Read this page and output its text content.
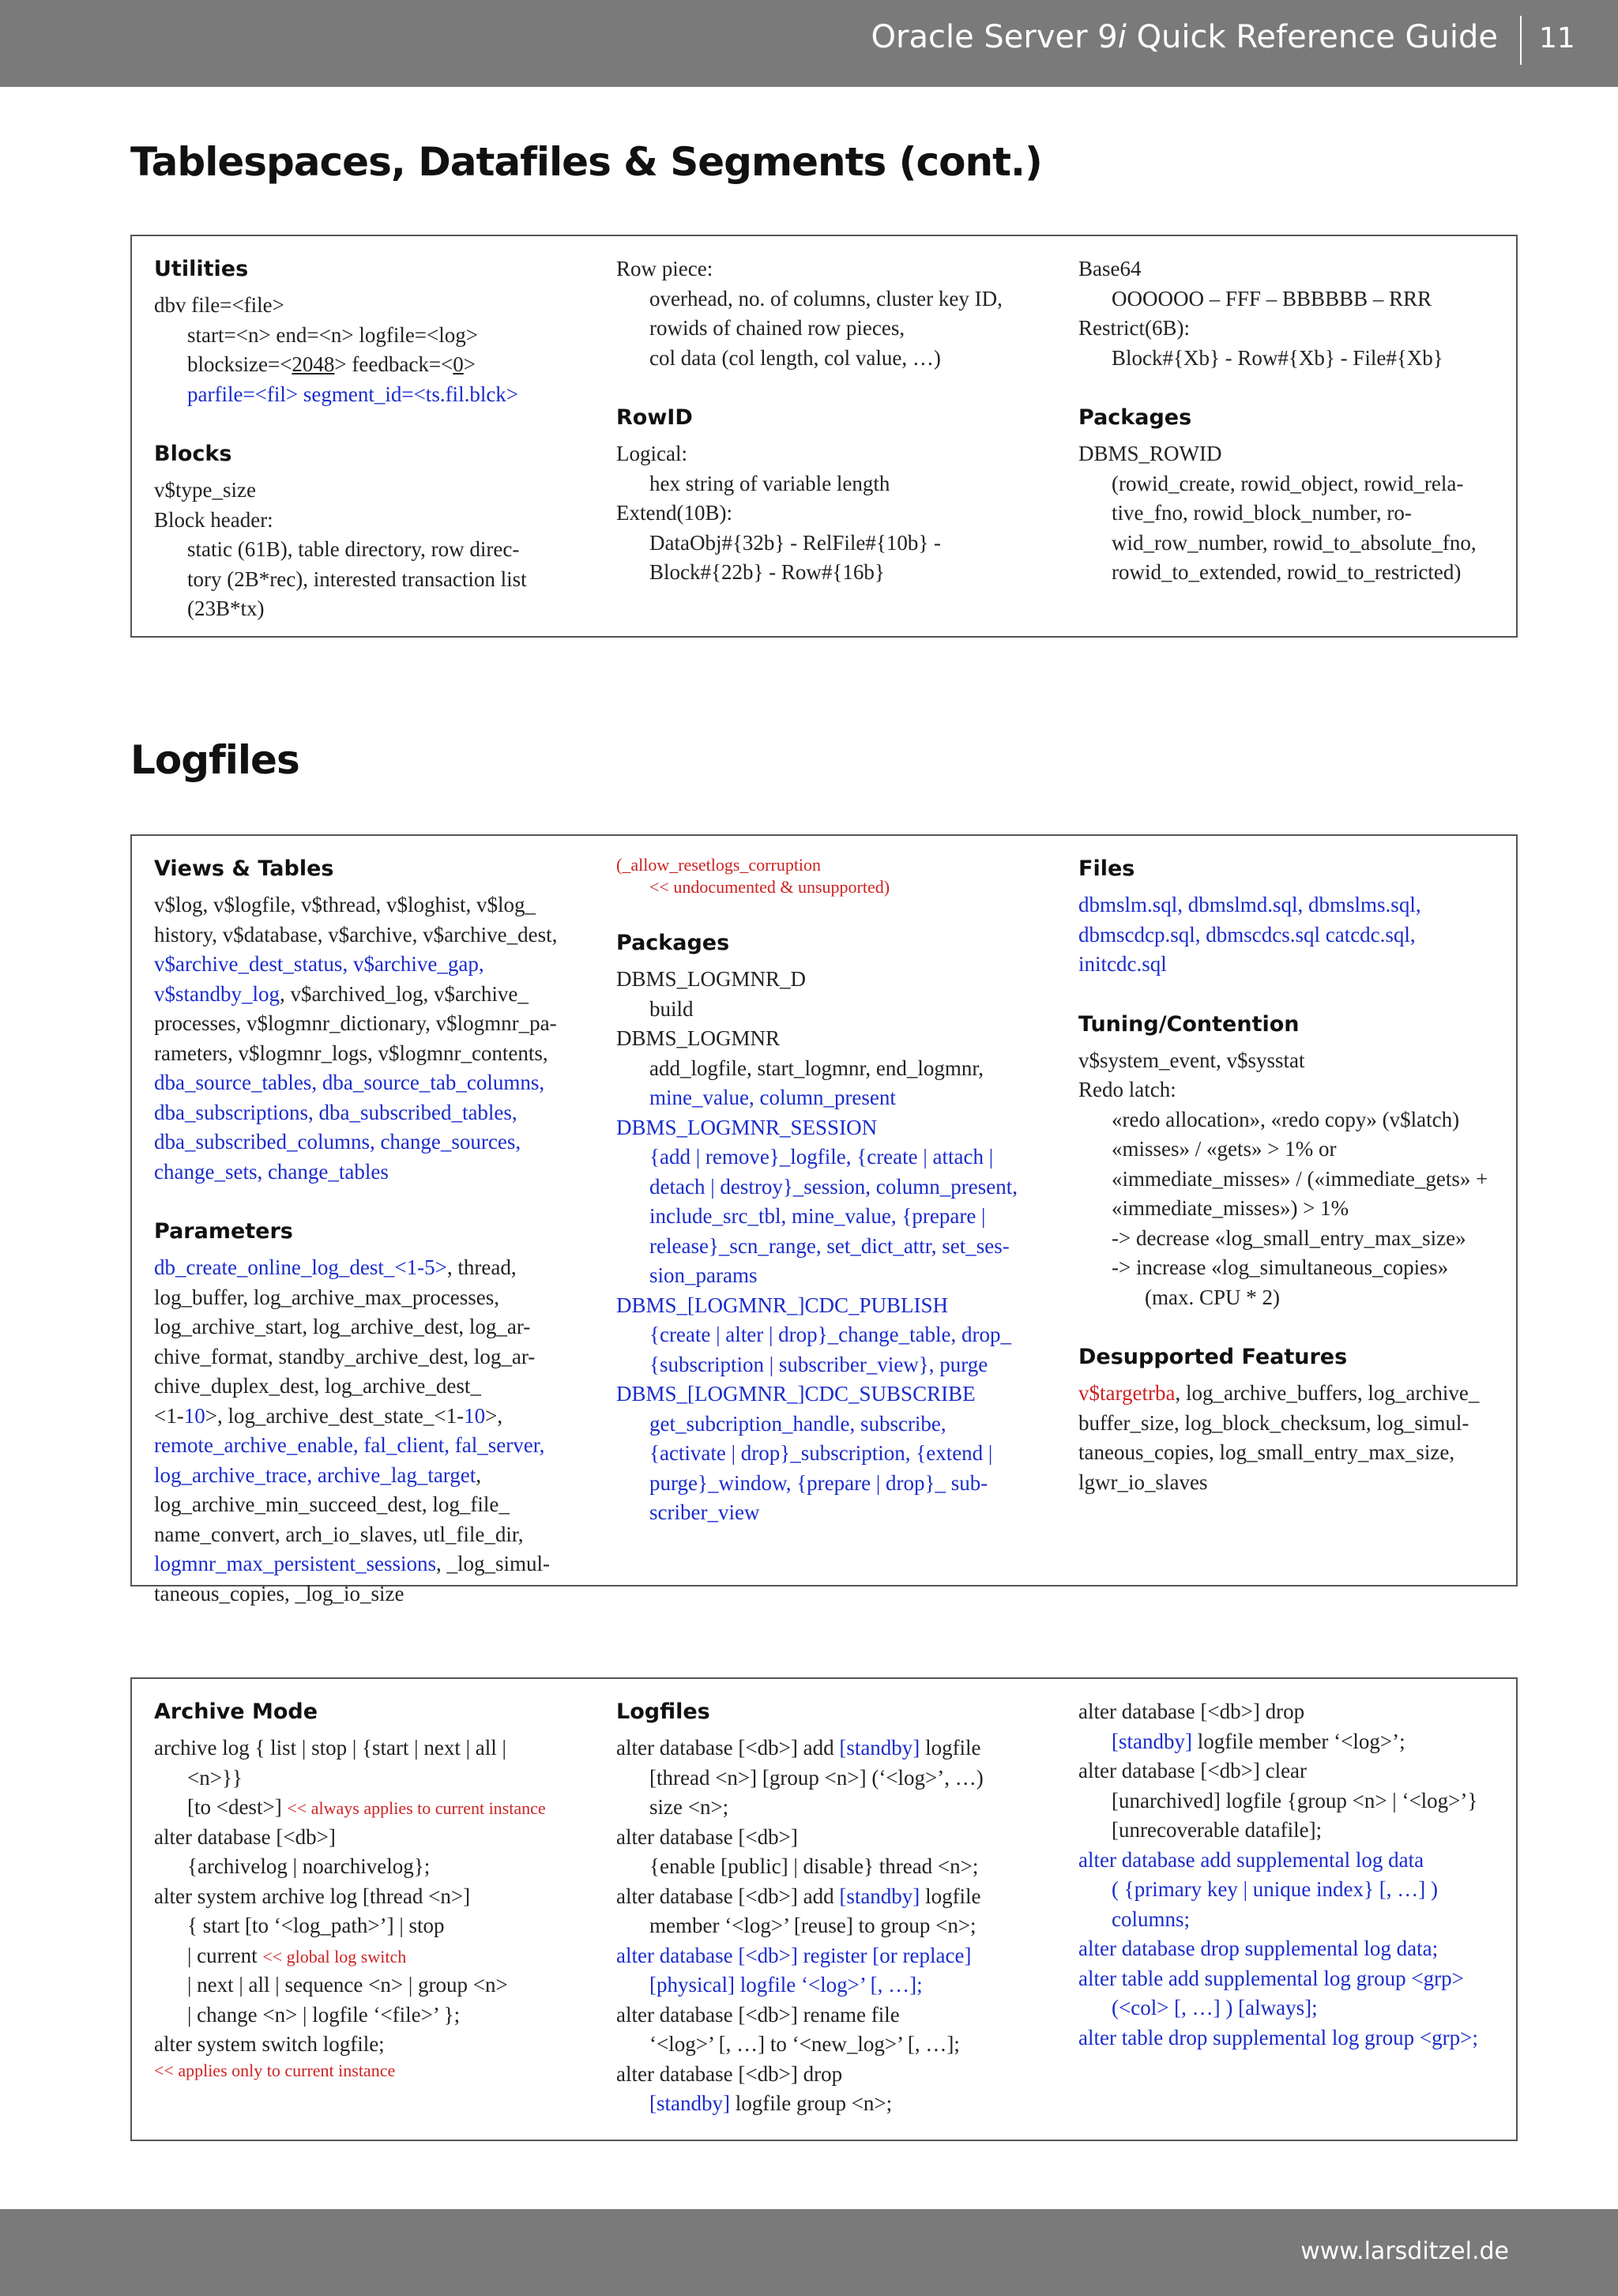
Oracle Server 9i Quick Reference Guide 11
Tablespaces, Datafiles & Segments (cont.)
Utilities
dbv file=<file>
start=<n> end=<n> logfile=<log>
blocksize=<2048> feedback=<0>
parfile=<fil> segment_id=<ts.fil.blck>
Blocks
v$type_size
Block header:
static (61B), table directory, row direc-
tory (2B*rec), interested transaction list
(23B*tx)
Row piece:
overhead, no. of columns, cluster key ID,
rowids of chained row pieces,
col data (col length, col value, …)
RowID
Logical:
hex string of variable length
Extend(10B):
DataObj#{32b} - RelFile#{10b} -
Block#{22b} - Row#{16b}
Base64
OOOOOO – FFF – BBBBBB – RRR
Restrict(6B):
Block#{Xb} - Row#{Xb} - File#{Xb}
Packages
DBMS_ROWID
(rowid_create, rowid_object, rowid_rela-
tive_fno, rowid_block_number, ro-
wid_row_number, rowid_to_absolute_fno,
rowid_to_extended, rowid_to_restricted)
Logfiles
Views & Tables
v$log, v$logfile, v$thread, v$loghist, v$log_
history, v$database, v$archive, v$archive_dest,
v$archive_dest_status, v$archive_gap,
v$standby_log, v$archived_log, v$archive_
processes, v$logmnr_dictionary, v$logmnr_pa-
rameters, v$logmnr_logs, v$logmnr_contents,
dba_source_tables, dba_source_tab_columns,
dba_subscriptions, dba_subscribed_tables,
dba_subscribed_columns, change_sources,
change_sets, change_tables
Parameters
db_create_online_log_dest_<1-5>, thread,
log_buffer, log_archive_max_processes,
log_archive_start, log_archive_dest, log_ar-
chive_format, standby_archive_dest, log_ar-
chive_duplex_dest, log_archive_dest_
<1-10>, log_archive_dest_state_<1-10>,
remote_archive_enable, fal_client, fal_server,
log_archive_trace, archive_lag_target,
log_archive_min_succeed_dest, log_file_
name_convert, arch_io_slaves, utl_file_dir,
logmnr_max_persistent_sessions, _log_simul-
taneous_copies, _log_io_size
(_allow_resetlogs_corruption
<< undocumented & unsupported)
Packages
DBMS_LOGMNR_D
build
DBMS_LOGMNR
add_logfile, start_logmnr, end_logmnr,
mine_value, column_present
DBMS_LOGMNR_SESSION
{add | remove}_logfile, {create | attach |
detach | destroy}_session, column_present,
include_src_tbl, mine_value, {prepare |
release}_scn_range, set_dict_attr, set_ses-
sion_params
DBMS_[LOGMNR_]CDC_PUBLISH
{create | alter | drop}_change_table, drop_
{subscription | subscriber_view}, purge
DBMS_[LOGMNR_]CDC_SUBSCRIBE
get_subcription_handle, subscribe,
{activate | drop}_subscription, {extend |
purge}_window, {prepare | drop}_ sub-
scriber_view
Files
dbmslm.sql, dbmslmd.sql, dbmslms.sql,
dbmscdcp.sql, dbmscdcs.sql catcdc.sql,
initcdc.sql
Tuning/Contention
v$system_event, v$sysstat
Redo latch:
«redo allocation», «redo copy» (v$latch)
«misses» / «gets» > 1% or
«immediate_misses» / («immediate_gets» +
«immediate_misses») > 1%
-> decrease «log_small_entry_max_size»
-> increase «log_simultaneous_copies»
(max. CPU * 2)
Desupported Features
v$targetrba, log_archive_buffers, log_archive_
buffer_size, log_block_checksum, log_simul-
taneous_copies, log_small_entry_max_size,
lgwr_io_slaves
Archive Mode
archive log { list | stop | {start | next | all |
<n>}}
[to <dest>] << always applies to current instance
alter database [<db>]
{archivelog | noarchivelog};
alter system archive log [thread <n>]
{ start [to ‘<log_path>’] | stop
| current << global log switch
| next | all | sequence <n> | group <n>
| change <n> | logfile ‘<file>’ };
alter system switch logfile;
<< applies only to current instance
Logfiles
alter database [<db>] add [standby] logfile
[thread <n>] [group <n>] (‘<log>’, …)
size <n>;
alter database [<db>]
{enable [public] | disable} thread <n>;
alter database [<db>] add [standby] logfile
member ‘<log>’ [reuse] to group <n>;
alter database [<db>] register [or replace]
[physical] logfile ‘<log>’ [, …];
alter database [<db>] rename file
‘<log>’ [, …] to ‘<new_log>’ [, …];
alter database [<db>] drop
[standby] logfile group <n>;
alter database [<db>] drop
[standby] logfile member ‘<log>’;
alter database [<db>] clear
[unarchived] logfile {group <n> | ‘<log>’}
[unrecoverable datafile];
alter database add supplemental log data
( {primary key | unique index} [, …] )
columns;
alter database drop supplemental log data;
alter table add supplemental log group <grp>
(<col> [, …] ) [always];
alter table drop supplemental log group <grp>;
www.larsditzel.de
